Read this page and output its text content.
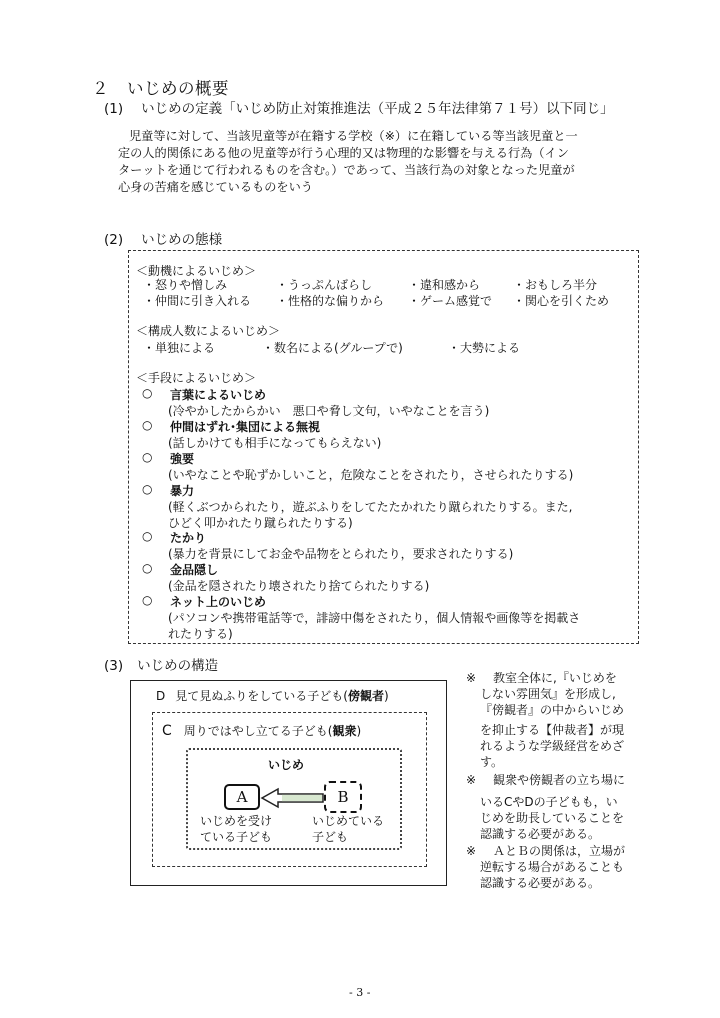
２ いじめの概要
(1) いじめの定義「いじめ防止対策推進法（平成２５年法律第７１号）以下同じ」
児童等に対して、当該児童等が在籍する学校（※）に在籍している等当該児童と一
定の人的関係にある他の児童等が行う心理的又は物理的な影響を与える行為（イン
ターットを通じて行われるものを含む。）であって、当該行為の対象となった児童が
心身の苦痛を感じているものをいう
(2) いじめの態様
＜動機によるいじめ＞
・怒りや憎しみ	・うっぷんばらし	・違和感から	・おもしろ半分
・仲間に引き入れる ・性格的な偏りから ・ゲーム感覚で ・関心を引くため
＜構成人数によるいじめ＞
・単独による	・数名による(グループで)	・大勢による
＜手段によるいじめ＞
○ 言葉によるいじめ
(冷やかしたからかい　悪口や脅し文句，いやなことを言う)
○ 仲間はずれ･集団による無視
(話しかけても相手になってもらえない)
○ 強要
(いやなことや恥ずかしいこと，危険なことをされたり，させられたりする)
○ 暴力
(軽くぶつかられたり，遊ぶふりをしてたたかれたり蹴られたりする。また,
ひどく叩かれたり蹴られたりする)
○ たかり
(暴力を背景にしてお金や品物をとられたり，要求されたりする)
○ 金品隠し
(金品を隠されたり壊されたり捨てられたりする)
○ ネット上のいじめ
(パソコンや携帯電話等で，誹謗中傷をされたり，個人情報や画像等を掲載さ
れたりする)
(3) いじめの構造
D 見て見ぬふりをしている子ども(傍観者)
C 周りではやし立てる子ども(観衆)
いじめ
A	B
いじめを受け
ている子ども
いじめている
子ども
※ 教室全体に,『いじめを
しない雰囲気』を形成し,
『傍観者』の中からいじめ
を抑止する【仲裁者】が現
れるような学級経営をめざ
す。
※ 観衆や傍観者の立ち場に
いるCやDの子どもも，い
じめを助長していることを
認識する必要がある。
※ ＡとＢの関係は，立場が
逆転する場合があることも
認識する必要がある。
- 3 -
